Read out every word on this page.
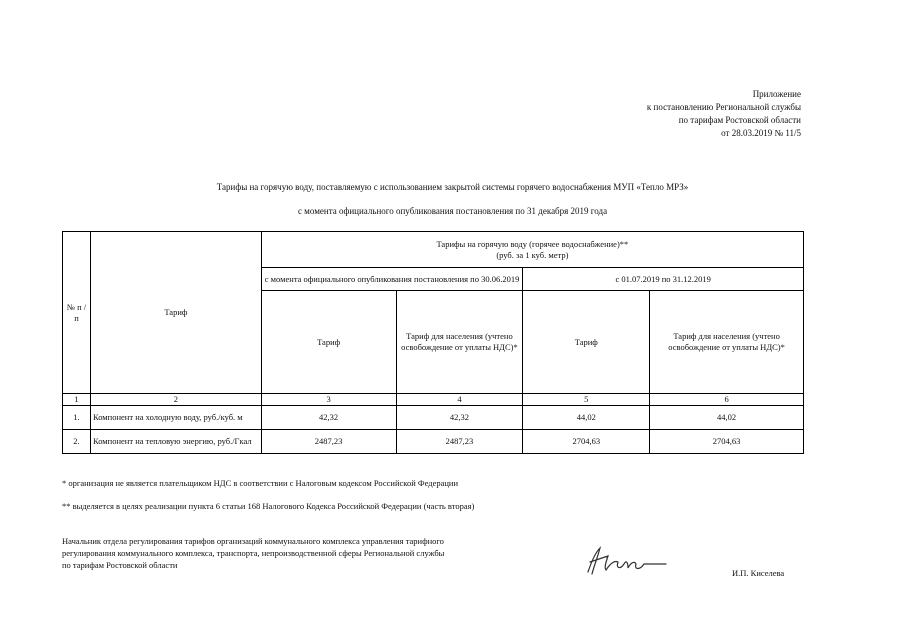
Приложение
к постановлению Региональной службы
по тарифам Ростовской области
от 28.03.2019 № 11/5
Тарифы на горячую воду, поставляемую с использованием закрытой системы горячего водоснабжения МУП «Тепло МРЗ»
с момента официального опубликования постановления по 31 декабря 2019 года
№ п /п	Тариф	Тарифы на горячую воду (горячее водоснабжение)**
(руб. за 1 куб. метр)			

		с момента официального опубликования постановления по 30.06.2019		с 01.07.2019 по 31.12.2019	
		Тариф	Тариф для населения (учтено освобождение от уплаты НДС)*	Тариф	Тариф для населения (учтено освобождение от уплаты НДС)*
1	2	3	4	5	6
1.	Компонент на холодную воду, руб./куб. м	42,32	42,32	44,02	44,02
2.	Компонент на тепловую энергию, руб./Гкал	2487,23	2487,23	2704,63	2704,63
* организация не является плательщиком НДС в соответствии с Налоговым кодексом Российской Федерации
** выделяется в целях реализации пункта 6 статьи 168 Налогового Кодекса Российской Федерации (часть вторая)
Начальник отдела регулирования тарифов организаций коммунального комплекса управления тарифного
регулирования коммунального комплекса, транспорта, непроизводственной сферы Региональной службы
по тарифам Ростовской области
И.П. Киселева
